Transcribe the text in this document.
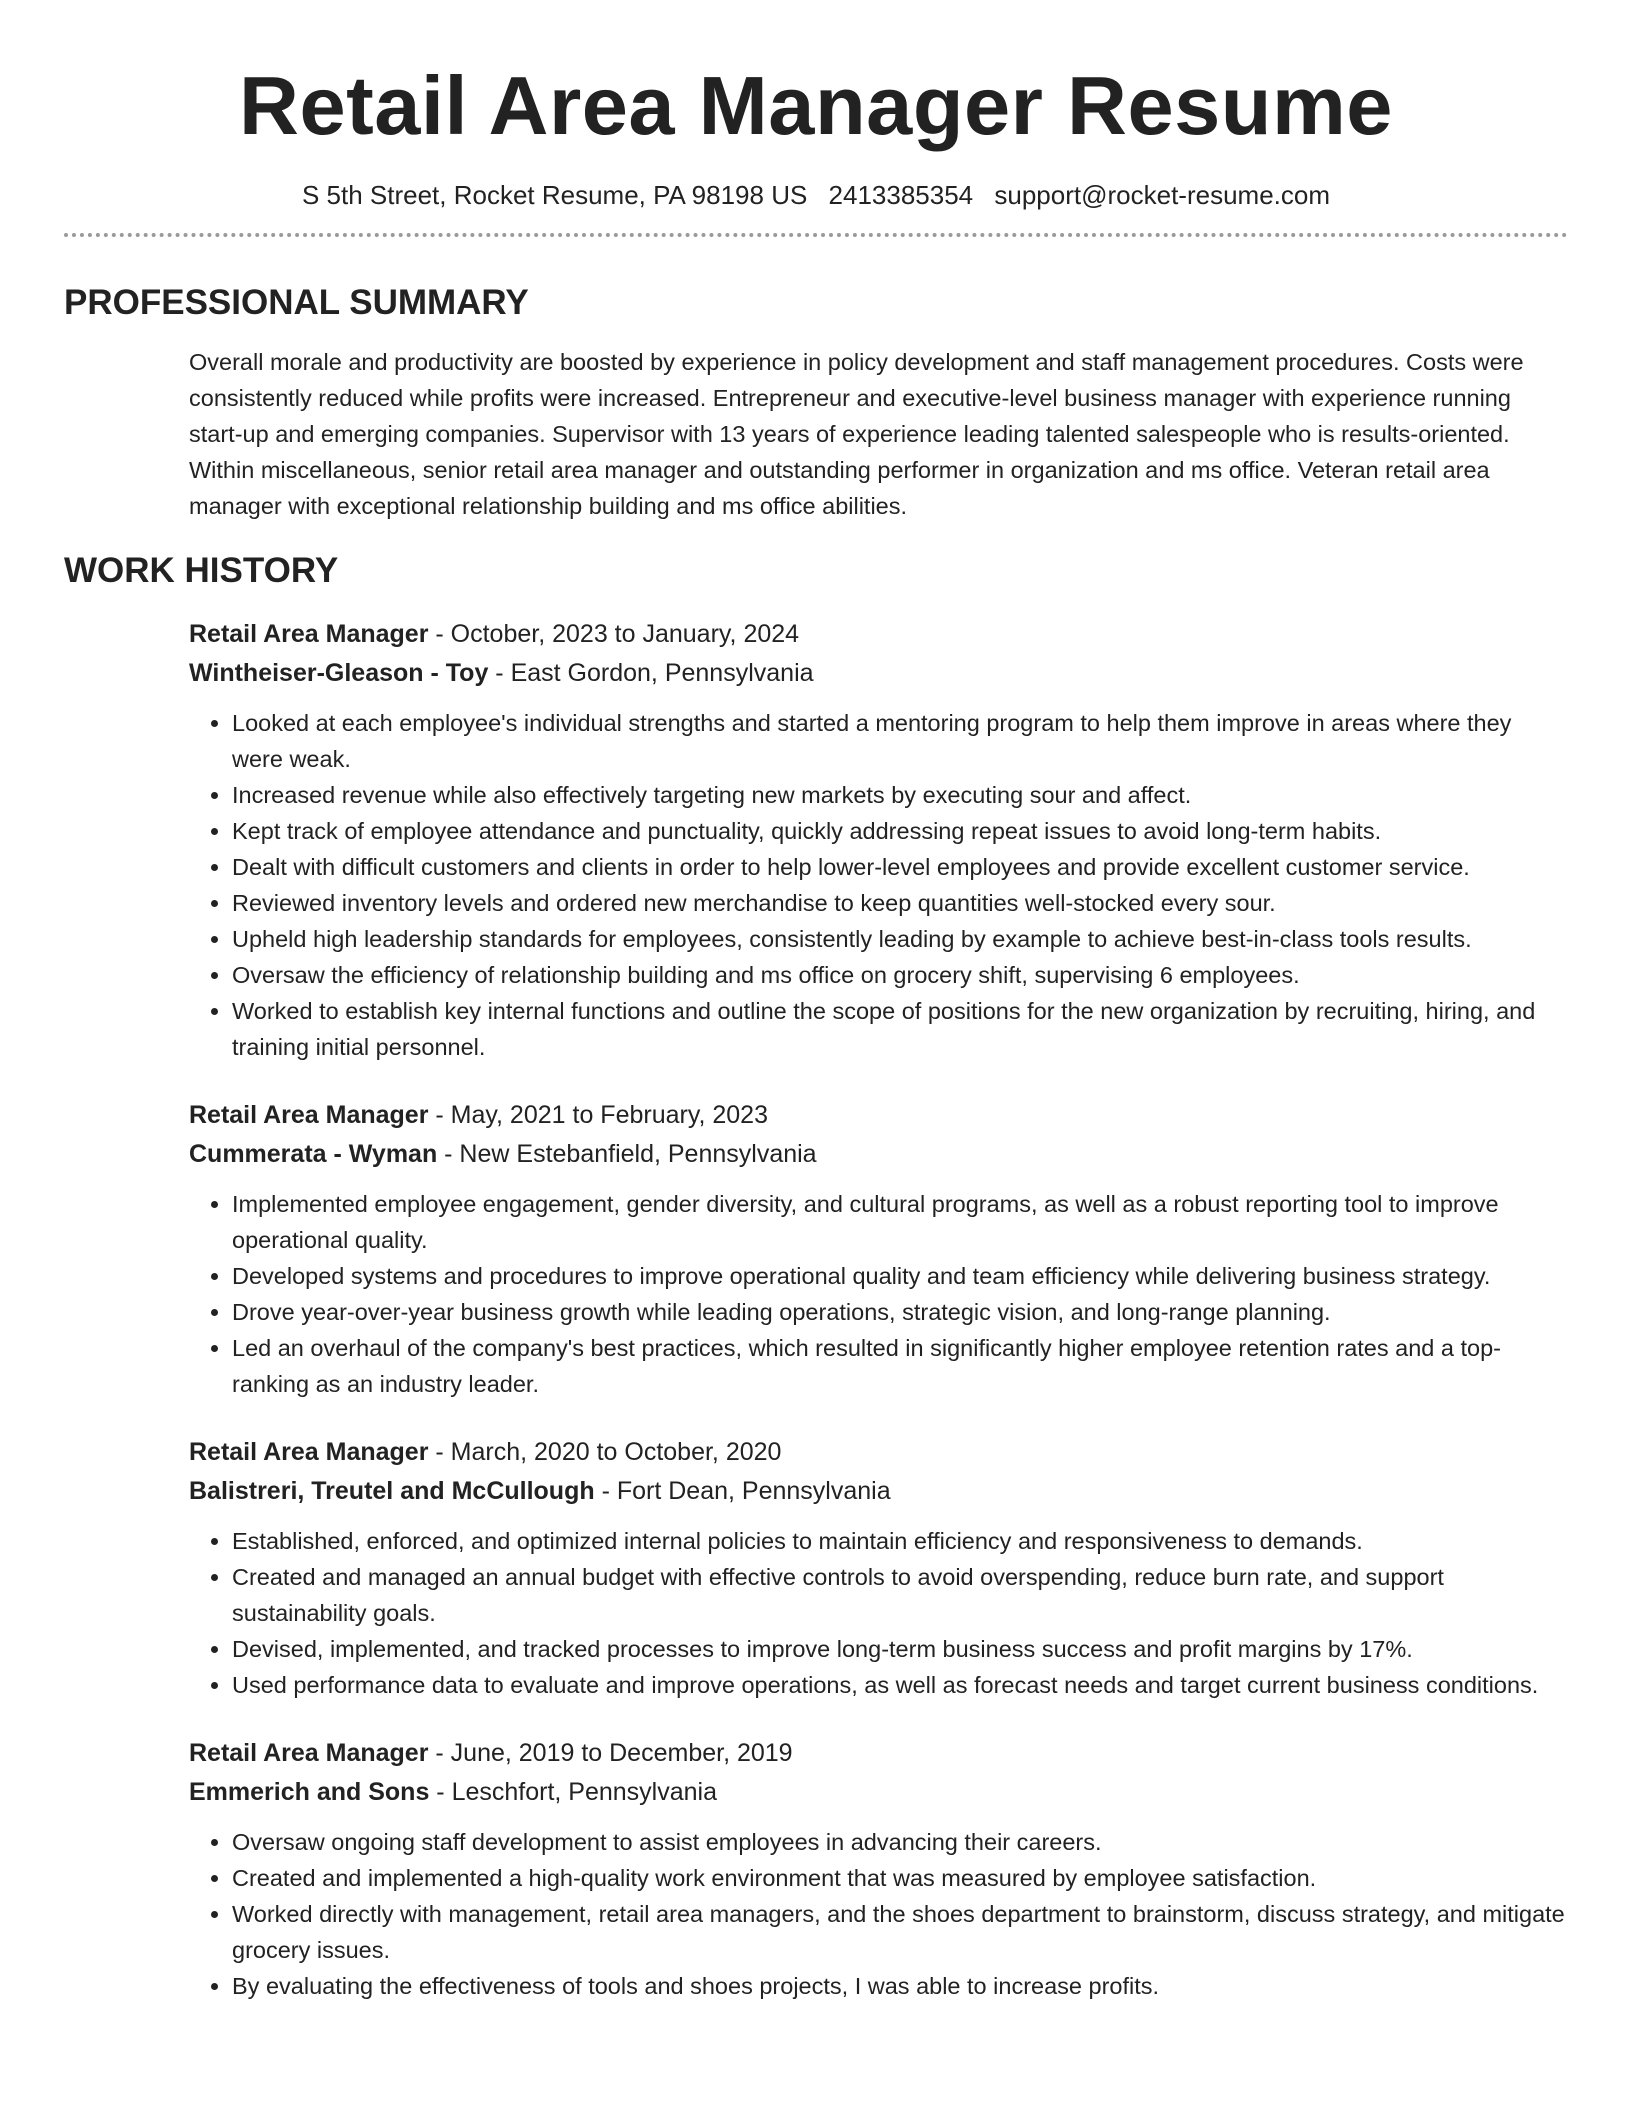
Retail Area Manager Resume
S 5th Street, Rocket Resume, PA 98198 US 2413385354 support@rocket-resume.com
PROFESSIONAL SUMMARY

Overall morale and productivity are boosted by experience in policy development and staff management procedures. Costs were consistently reduced while profits were increased. Entrepreneur and executive-level business manager with experience running start-up and emerging companies. Supervisor with 13 years of experience leading talented salespeople who is results-oriented. Within miscellaneous, senior retail area manager and outstanding performer in organization and ms office. Veteran retail area manager with exceptional relationship building and ms office abilities.

WORK HISTORY
Retail Area Manager - October, 2023 to January, 2024
Wintheiser-Gleason - Toy - East Gordon, Pennsylvania
• Looked at each employee's individual strengths and started a mentoring program to help them improve in areas where they were weak.
• Increased revenue while also effectively targeting new markets by executing sour and affect.
• Kept track of employee attendance and punctuality, quickly addressing repeat issues to avoid long-term habits.
• Dealt with difficult customers and clients in order to help lower-level employees and provide excellent customer service.
• Reviewed inventory levels and ordered new merchandise to keep quantities well-stocked every sour.
• Upheld high leadership standards for employees, consistently leading by example to achieve best-in-class tools results.
• Oversaw the efficiency of relationship building and ms office on grocery shift, supervising 6 employees.
• Worked to establish key internal functions and outline the scope of positions for the new organization by recruiting, hiring, and training initial personnel.
Retail Area Manager - May, 2021 to February, 2023
Cummerata - Wyman - New Estebanfield, Pennsylvania
• Implemented employee engagement, gender diversity, and cultural programs, as well as a robust reporting tool to improve operational quality.
• Developed systems and procedures to improve operational quality and team efficiency while delivering business strategy.
• Drove year-over-year business growth while leading operations, strategic vision, and long-range planning.
• Led an overhaul of the company's best practices, which resulted in significantly higher employee retention rates and a top-ranking as an industry leader.
Retail Area Manager - March, 2020 to October, 2020
Balistreri, Treutel and McCullough - Fort Dean, Pennsylvania
• Established, enforced, and optimized internal policies to maintain efficiency and responsiveness to demands.
• Created and managed an annual budget with effective controls to avoid overspending, reduce burn rate, and support sustainability goals.
• Devised, implemented, and tracked processes to improve long-term business success and profit margins by 17%.
• Used performance data to evaluate and improve operations, as well as forecast needs and target current business conditions.
Retail Area Manager - June, 2019 to December, 2019
Emmerich and Sons - Leschfort, Pennsylvania
• Oversaw ongoing staff development to assist employees in advancing their careers.
• Created and implemented a high-quality work environment that was measured by employee satisfaction.
• Worked directly with management, retail area managers, and the shoes department to brainstorm, discuss strategy, and mitigate grocery issues.
• By evaluating the effectiveness of tools and shoes projects, I was able to increase profits.
